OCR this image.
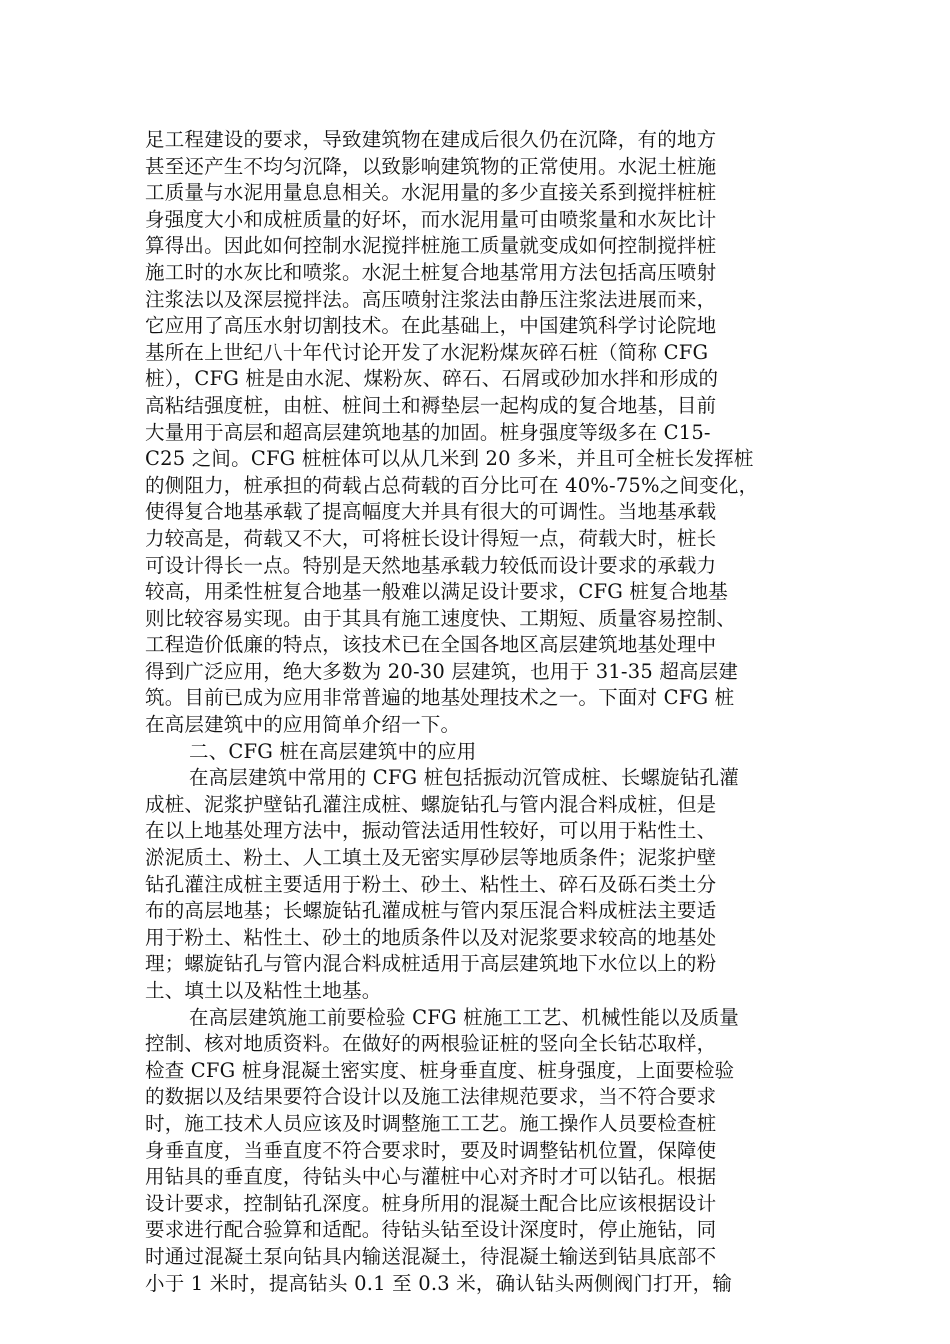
足工程建设的要求，导致建筑物在建成后很久仍在沉降，有的地方
甚至还产生不均匀沉降，以致影响建筑物的正常使用。水泥土桩施
工质量与水泥用量息息相关。水泥用量的多少直接关系到搅拌桩桩
身强度大小和成桩质量的好坏，而水泥用量可由喷浆量和水灰比计
算得出。因此如何控制水泥搅拌桩施工质量就变成如何控制搅拌桩
施工时的水灰比和喷浆。水泥土桩复合地基常用方法包括高压喷射
注浆法以及深层搅拌法。高压喷射注浆法由静压注浆法进展而来，
它应用了高压水射切割技术。在此基础上，中国建筑科学讨论院地
基所在上世纪八十年代讨论开发了水泥粉煤灰碎石桩（简称 CFG
桩），CFG 桩是由水泥、煤粉灰、碎石、石屑或砂加水拌和形成的
高粘结强度桩，由桩、桩间土和褥垫层一起构成的复合地基，目前
大量用于高层和超高层建筑地基的加固。桩身强度等级多在 C15-
C25 之间。CFG 桩桩体可以从几米到 20 多米，并且可全桩长发挥桩
的侧阻力，桩承担的荷载占总荷载的百分比可在 40%-75%之间变化，
使得复合地基承载了提高幅度大并具有很大的可调性。当地基承载
力较高是，荷载又不大，可将桩长设计得短一点，荷载大时，桩长
可设计得长一点。特别是天然地基承载力较低而设计要求的承载力
较高，用柔性桩复合地基一般难以满足设计要求，CFG 桩复合地基
则比较容易实现。由于其具有施工速度快、工期短、质量容易控制、
工程造价低廉的特点，该技术已在全国各地区高层建筑地基处理中
得到广泛应用，绝大多数为 20-30 层建筑，也用于 31-35 超高层建
筑。目前已成为应用非常普遍的地基处理技术之一。下面对 CFG 桩
在高层建筑中的应用简单介绍一下。
二、CFG 桩在高层建筑中的应用
在高层建筑中常用的 CFG 桩包括振动沉管成桩、长螺旋钻孔灌
成桩、泥浆护壁钻孔灌注成桩、螺旋钻孔与管内混合料成桩，但是
在以上地基处理方法中，振动管法适用性较好，可以用于粘性土、
淤泥质土、粉土、人工填土及无密实厚砂层等地质条件；泥浆护壁
钻孔灌注成桩主要适用于粉土、砂土、粘性土、碎石及砾石类土分
布的高层地基；长螺旋钻孔灌成桩与管内泵压混合料成桩法主要适
用于粉土、粘性土、砂土的地质条件以及对泥浆要求较高的地基处
理；螺旋钻孔与管内混合料成桩适用于高层建筑地下水位以上的粉
土、填土以及粘性土地基。
在高层建筑施工前要检验 CFG 桩施工工艺、机械性能以及质量
控制、核对地质资料。在做好的两根验证桩的竖向全长钻芯取样，
检查 CFG 桩身混凝土密实度、桩身垂直度、桩身强度，上面要检验
的数据以及结果要符合设计以及施工法律规范要求，当不符合要求
时，施工技术人员应该及时调整施工工艺。施工操作人员要检查桩
身垂直度，当垂直度不符合要求时，要及时调整钻机位置，保障使
用钻具的垂直度，待钻头中心与灌桩中心对齐时才可以钻孔。根据
设计要求，控制钻孔深度。桩身所用的混凝土配合比应该根据设计
要求进行配合验算和适配。待钻头钻至设计深度时，停止施钻，同
时通过混凝土泵向钻具内输送混凝土，待混凝土输送到钻具底部不
小于 1 米时，提高钻头 0.1 至 0.3 米，确认钻头两侧阀门打开，输
